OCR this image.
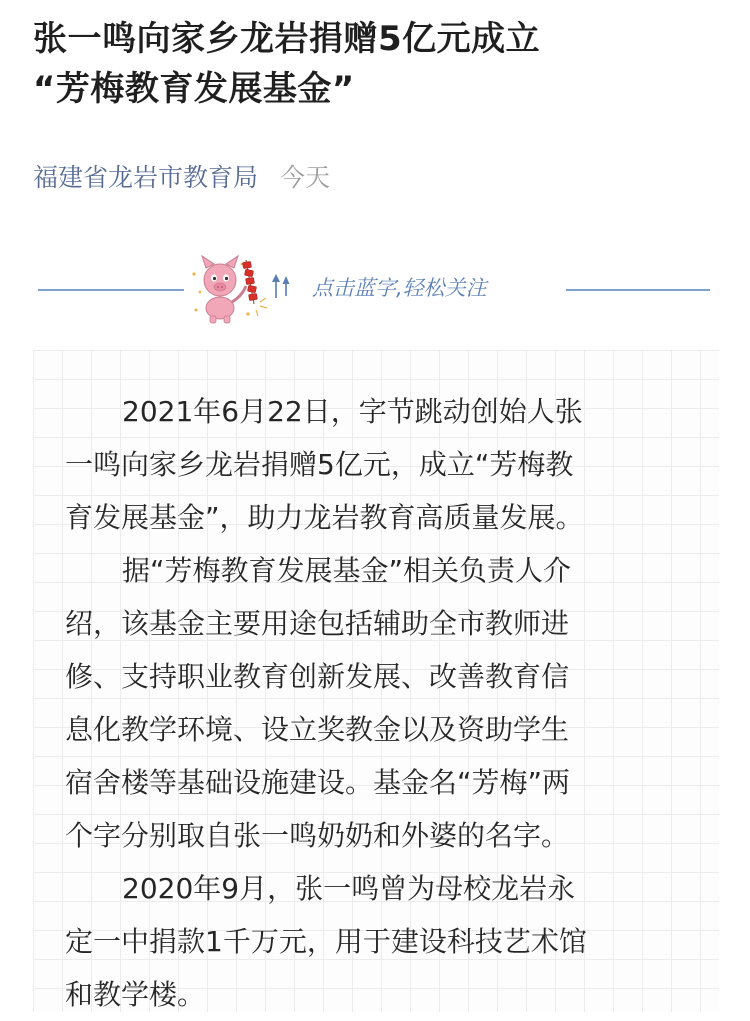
张一鸣向家乡龙岩捐赠5亿元成立
“芳梅教育发展基金”
福建省龙岩市教育局 今天
点击蓝字,轻松关注

2021年6月22日，字节跳动创始人张
一鸣向家乡龙岩捐赠5亿元，成立“芳梅教
育发展基金”，助力龙岩教育高质量发展。

据“芳梅教育发展基金”相关负责人介
绍，该基金主要用途包括辅助全市教师进
修、支持职业教育创新发展、改善教育信
息化教学环境、设立奖教金以及资助学生
宿舍楼等基础设施建设。基金名“芳梅”两
个字分别取自张一鸣奶奶和外婆的名字。

2020年9月，张一鸣曾为母校龙岩永
定一中捐款1千万元，用于建设科技艺术馆
和教学楼。
